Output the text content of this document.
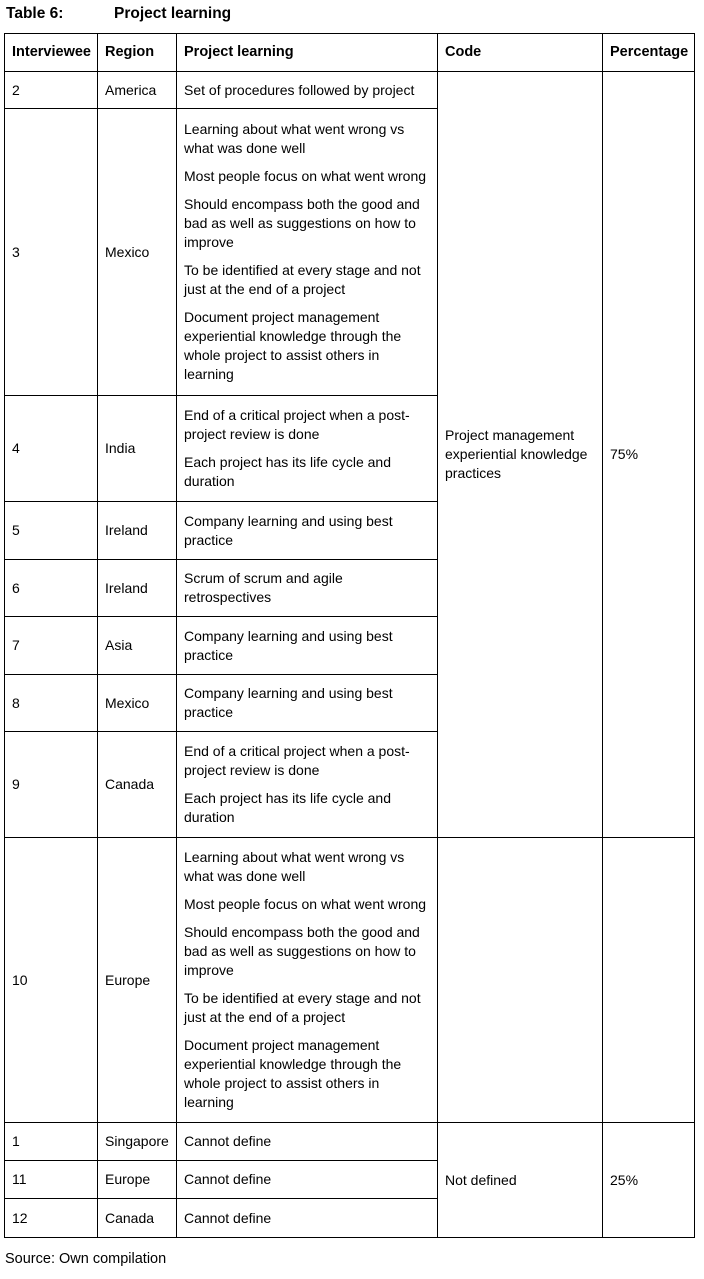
Table 6:	Project learning
Interviewee	Region	Project learning	Code	Percentage
2	America	Set of procedures followed by project	Project management experiential knowledge practices	75%
3	Mexico	Learning about what went wrong vs what was done well

Most people focus on what went wrong

Should encompass both the good and bad as well as suggestions on how to improve

To be identified at every stage and not just at the end of a project

Document project management experiential knowledge through the whole project to assist others in learning		

4	India	End of a critical project when a post-project review is done

Each project has its life cycle and duration		

5	Ireland	Company learning and using best practice		

6	Ireland	Scrum of scrum and agile retrospectives		

7	Asia	Company learning and using best practice		

8	Mexico	Company learning and using best practice		

9	Canada	End of a critical project when a post-project review is done

Each project has its life cycle and duration		

10	Europe	Learning about what went wrong vs what was done well

Most people focus on what went wrong

Should encompass both the good and bad as well as suggestions on how to improve

To be identified at every stage and not just at the end of a project

Document project management experiential knowledge through the whole project to assist others in learning		

1	Singapore	Cannot define	Not defined	25%
11	Europe	Cannot define		

12	Canada	Cannot define		

Source: Own compilation
